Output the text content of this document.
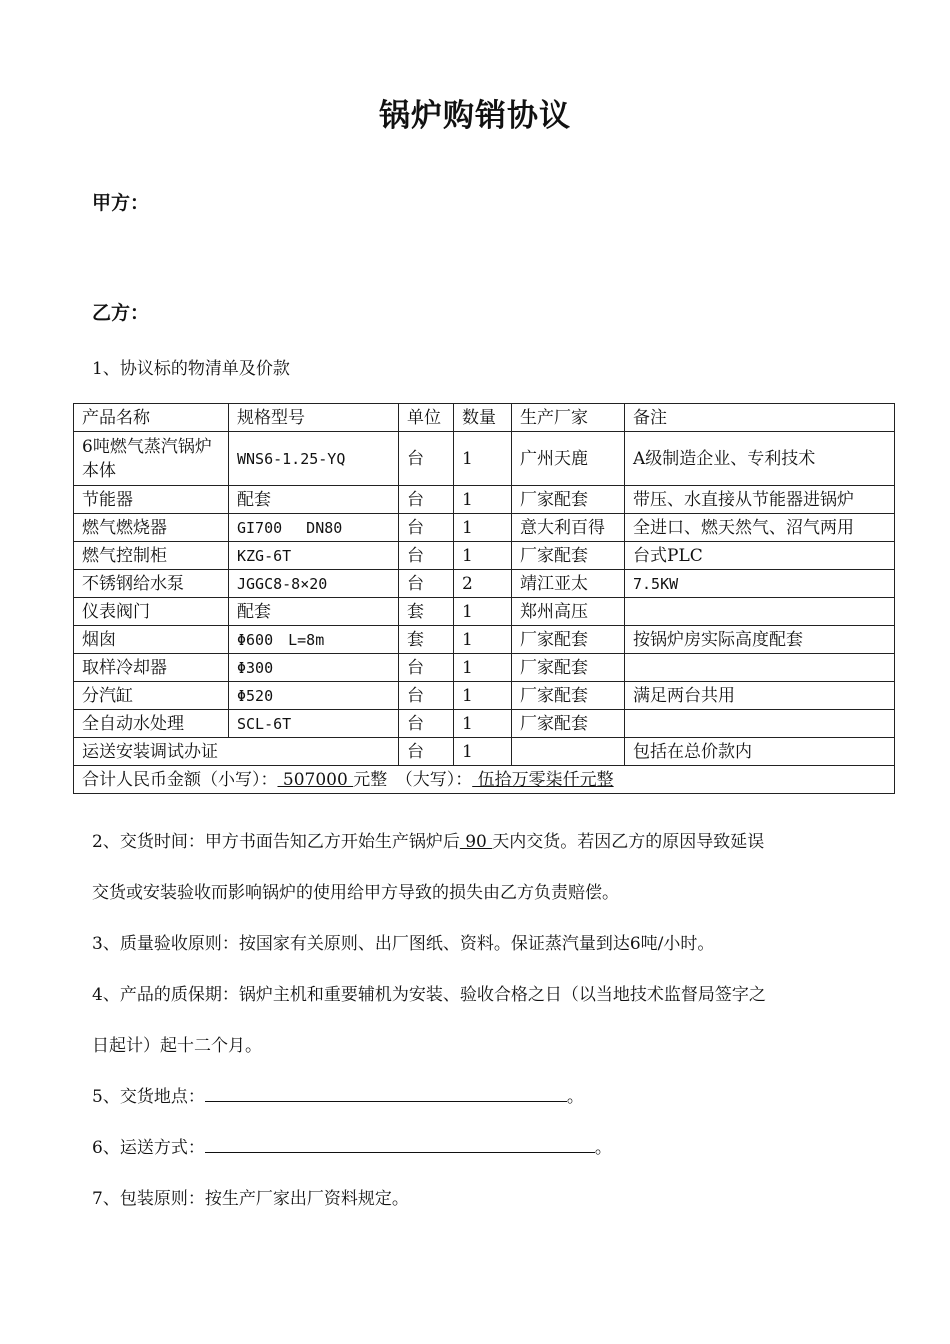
锅炉购销协议
甲方：
乙方：
1、协议标的物清单及价款
产品名称	规格型号	单位	数量	生产厂家	备注
6吨燃气蒸汽锅炉本体	WNS6-1.25-YQ	台	1	广州天鹿	A级制造企业、专利技术
节能器	配套	台	1	厂家配套	带压、水直接从节能器进锅炉
燃气燃烧器	GI700　 DN80	台	1	意大利百得	全进口、燃天然气、沼气两用
燃气控制柜	KZG-6T	台	1	厂家配套	台式PLC
不锈钢给水泵	JGGC8-8×20	台	2	靖江亚太	7.5KW
仪表阀门	配套	套	1	郑州高压	
烟囱	Φ600　L=8m	套	1	厂家配套	按锅炉房实际高度配套
取样冷却器	Φ300	台	1	厂家配套	
分汽缸	Φ520	台	1	厂家配套	满足两台共用
全自动水处理	SCL-6T	台	1	厂家配套	
运送安装调试办证		台	1		包括在总价款内
合计人民币金额（小写）： 507000 元整　（大写）： 伍拾万零柒仟元整					
2、交货时间：甲方书面告知乙方开始生产锅炉后 90 天内交货。若因乙方的原因导致延误
交货或安装验收而影响锅炉的使用给甲方导致的损失由乙方负责赔偿。
3、质量验收原则：按国家有关原则、出厂图纸、资料。保证蒸汽量到达6吨/小时。
4、产品的质保期：锅炉主机和重要辅机为安装、验收合格之日（以当地技术监督局签字之
日起计）起十二个月。
5、交货地点：	。
6、运送方式：	。
7、包装原则：按生产厂家出厂资料规定。
